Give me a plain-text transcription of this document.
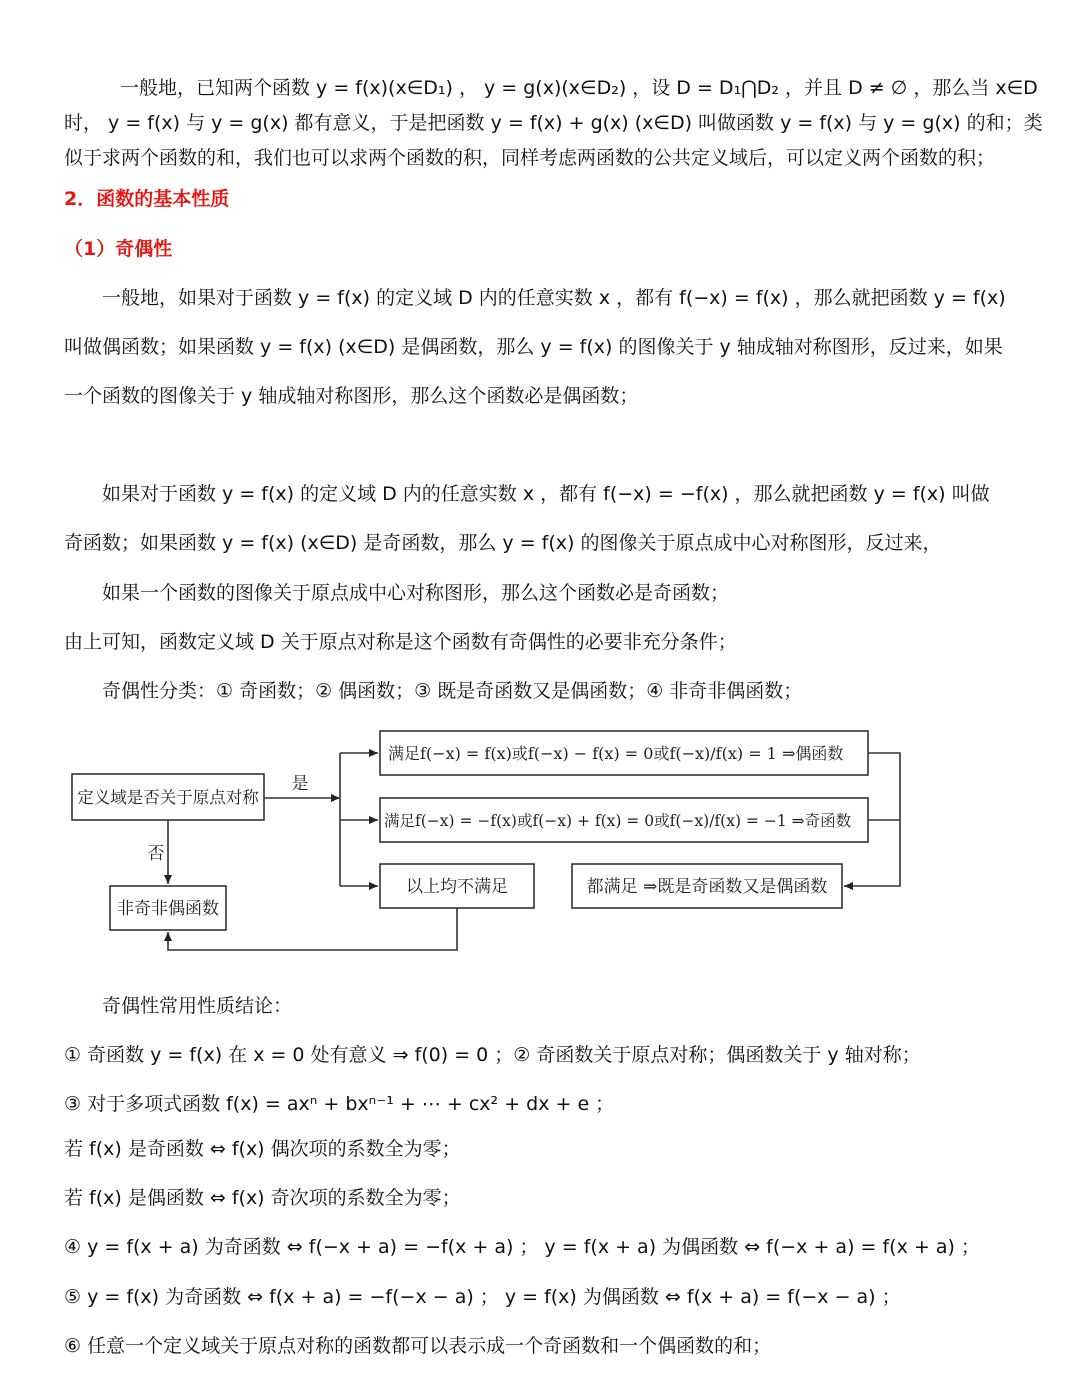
一般地，已知两个函数 y = f(x)(x∈D₁) ， y = g(x)(x∈D₂) ，设 D = D₁⋂D₂ ，并且 D ≠ ∅ ，那么当 x∈D
时， y = f(x) 与 y = g(x) 都有意义，于是把函数 y = f(x) + g(x) (x∈D) 叫做函数 y = f(x) 与 y = g(x) 的和；类
似于求两个函数的和，我们也可以求两个函数的积，同样考虑两函数的公共定义域后，可以定义两个函数的积；
2．函数的基本性质
（1）奇偶性
一般地，如果对于函数 y = f(x) 的定义域 D 内的任意实数 x ，都有 f(−x) = f(x) ，那么就把函数 y = f(x)
叫做偶函数；如果函数 y = f(x) (x∈D) 是偶函数，那么 y = f(x) 的图像关于 y 轴成轴对称图形，反过来，如果
一个函数的图像关于 y 轴成轴对称图形，那么这个函数必是偶函数；
如果对于函数 y = f(x) 的定义域 D 内的任意实数 x ，都有 f(−x) = −f(x) ，那么就把函数 y = f(x) 叫做
奇函数；如果函数 y = f(x) (x∈D) 是奇函数，那么 y = f(x) 的图像关于原点成中心对称图形，反过来，
如果一个函数的图像关于原点成中心对称图形，那么这个函数必是奇函数；
由上可知，函数定义域 D 关于原点对称是这个函数有奇偶性的必要非充分条件；
奇偶性分类：① 奇函数；② 偶函数；③ 既是奇函数又是偶函数；④ 非奇非偶函数；
定义域是否关于原点对称
是
否
满足f(−x) = f(x)或f(−x) − f(x) = 0或f(−x)/f(x) = 1 ⇒偶函数
满足f(−x) = −f(x)或f(−x) + f(x) = 0或f(−x)/f(x) = −1 ⇒奇函数
以上均不满足	都满足 ⇒既是奇函数又是偶函数
非奇非偶函数
奇偶性常用性质结论：
① 奇函数 y = f(x) 在 x = 0 处有意义 ⇒ f(0) = 0 ；② 奇函数关于原点对称；偶函数关于 y 轴对称；
③ 对于多项式函数 f(x) = axⁿ + bxⁿ⁻¹ + ⋯ + cx² + dx + e ；
若 f(x) 是奇函数 ⇔ f(x) 偶次项的系数全为零；
若 f(x) 是偶函数 ⇔ f(x) 奇次项的系数全为零；
④ y = f(x + a) 为奇函数 ⇔ f(−x + a) = −f(x + a) ； y = f(x + a) 为偶函数 ⇔ f(−x + a) = f(x + a) ；
⑤ y = f(x) 为奇函数 ⇔ f(x + a) = −f(−x − a) ； y = f(x) 为偶函数 ⇔ f(x + a) = f(−x − a) ；
⑥ 任意一个定义域关于原点对称的函数都可以表示成一个奇函数和一个偶函数的和；
